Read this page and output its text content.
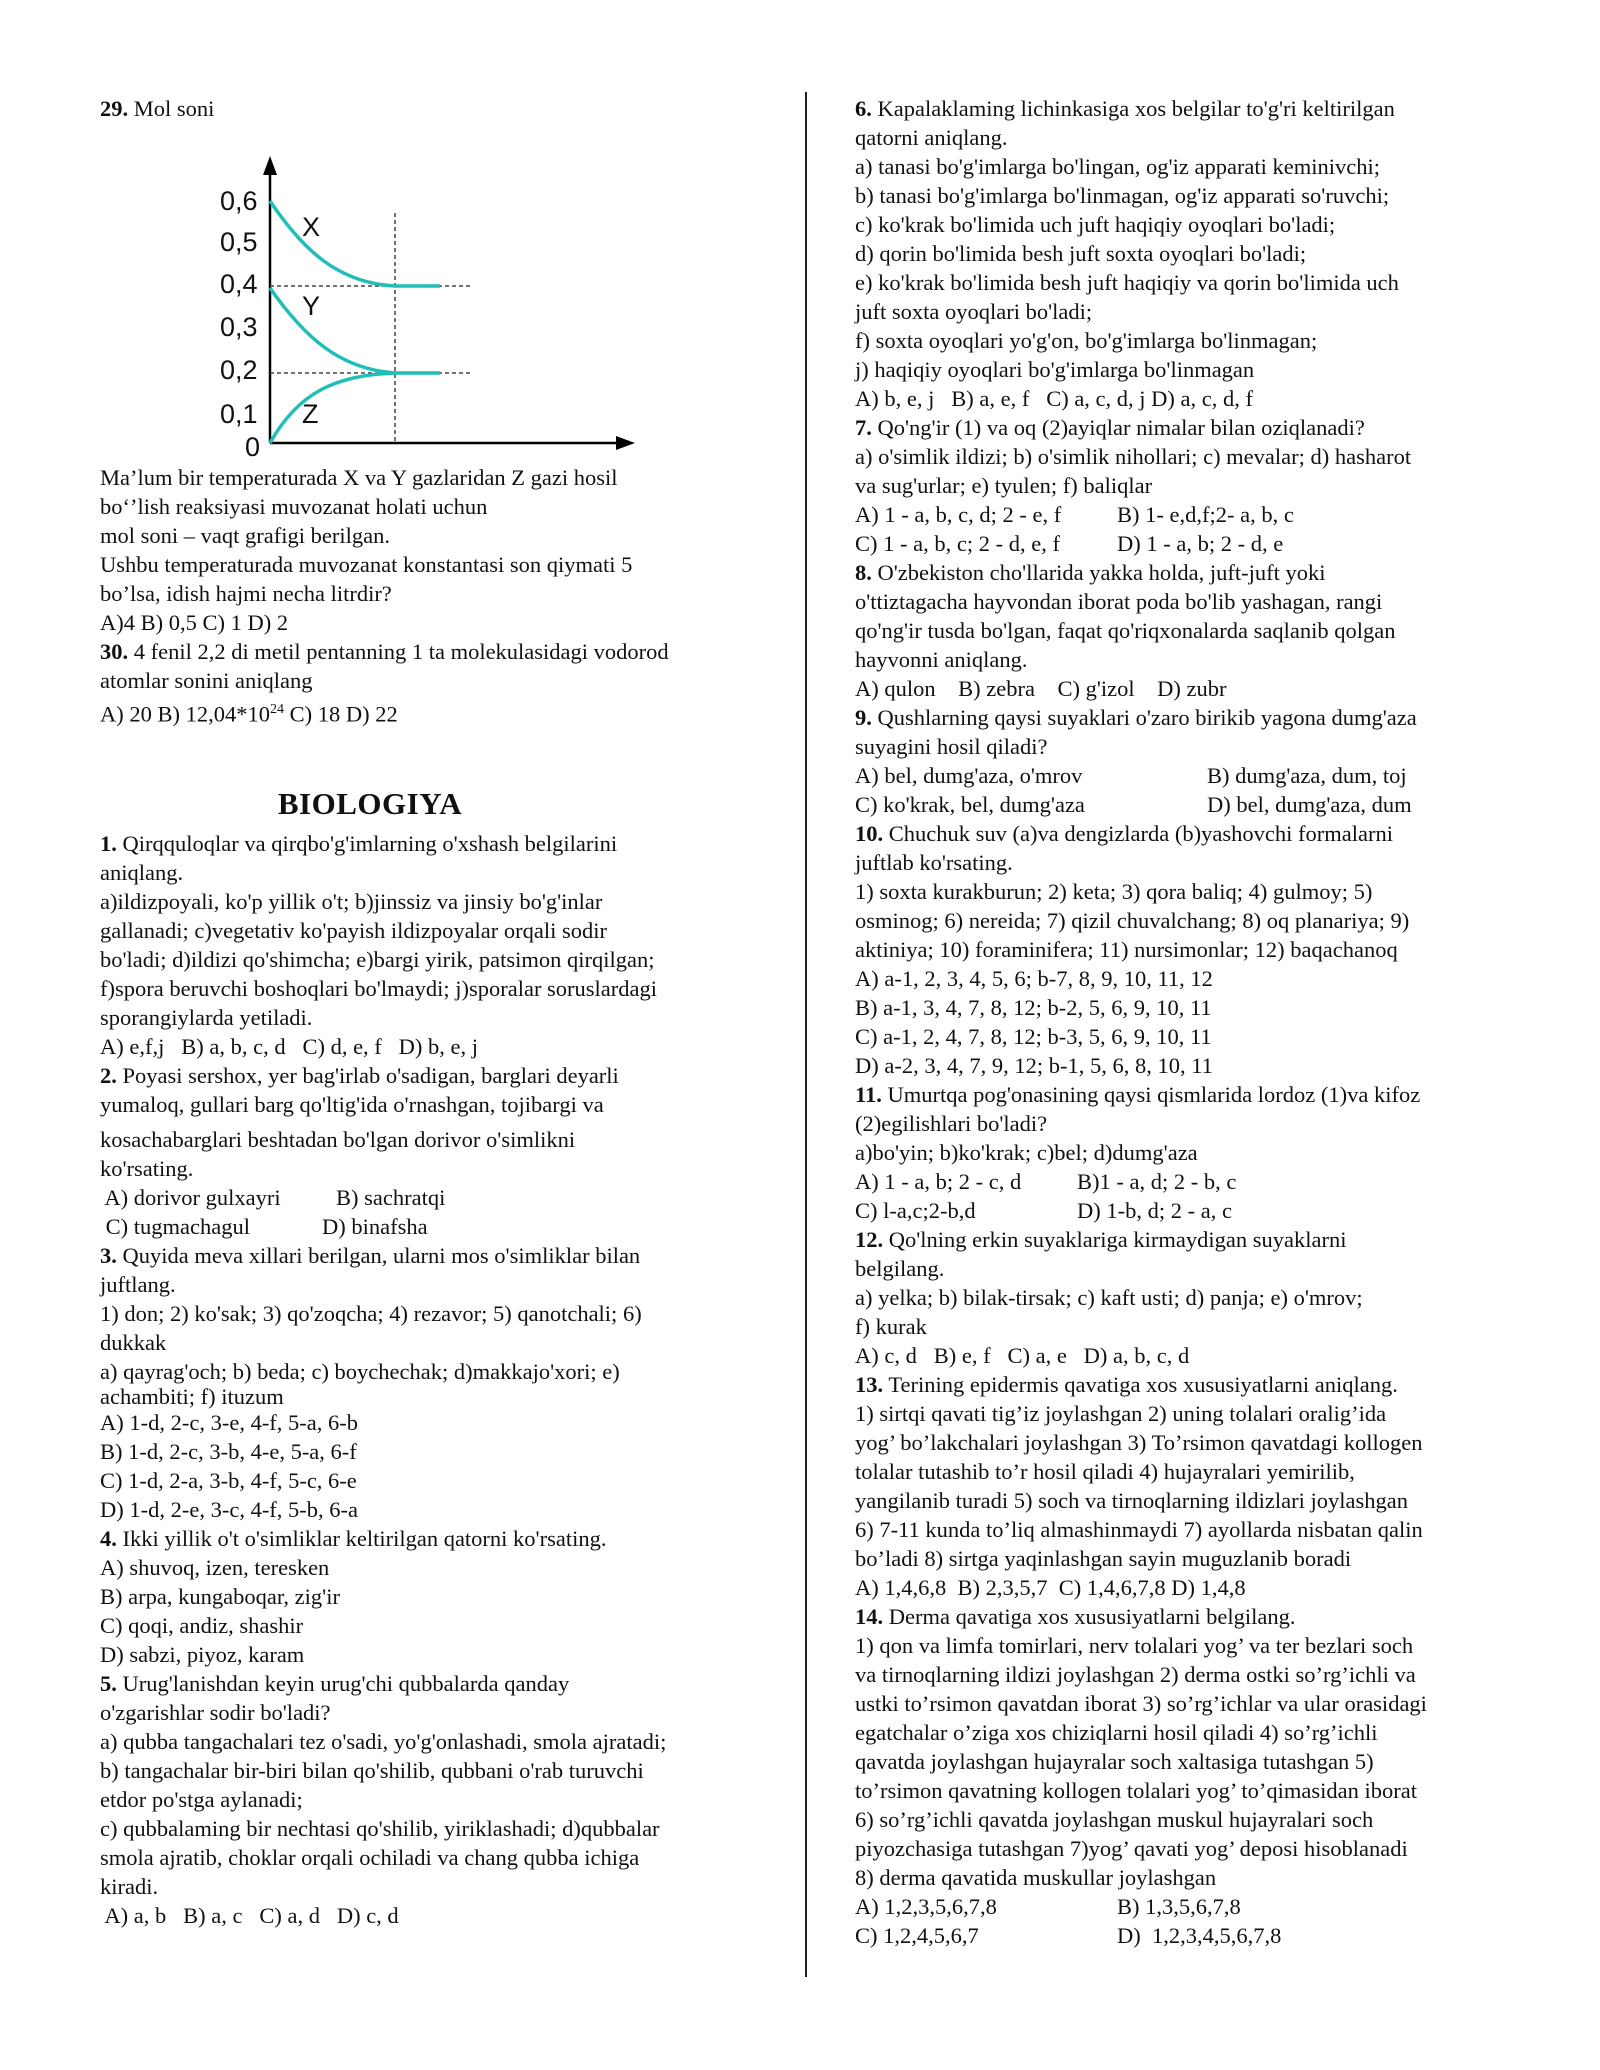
29. Mol soni
0,6
0,5
0,4
0,3
0,2
0,1
0
X
Y
Z
Ma’lum bir temperaturada X va Y gazlaridan Z gazi hosil
bo‘’lish reaksiyasi muvozanat holati uchun
mol soni – vaqt grafigi berilgan.
Ushbu temperaturada muvozanat konstantasi son qiymati 5
bo’lsa, idish hajmi necha litrdir?
A)4 B) 0,5 C) 1 D) 2
30. 4 fenil 2,2 di metil pentanning 1 ta molekulasidagi vodorod
atomlar sonini aniqlang
A) 20 B) $12,04*10^{24}$ C) 18 D) 22
BIOLOGIYA
1. Qirqquloqlar va qirqbo'g'imlarning o'xshash belgilarini
aniqlang.
a)ildizpoyali, ko'p yillik o't; b)jinssiz va jinsiy bo'g'inlar
gallanadi; c)vegetativ ko'payish ildizpoyalar orqali sodir
bo'ladi; d)ildizi qo'shimcha; e)bargi yirik, patsimon qirqilgan;
f)spora beruvchi boshoqlari bo'lmaydi; j)sporalar soruslardagi
sporangiylarda yetiladi.
A) e,f,j   B) a, b, c, d   C) d, e, f   D) b, e, j
2. Poyasi sershox, yer bag'irlab o'sadigan, barglari deyarli
yumaloq, gullari barg qo'ltig'ida o'rnashgan, tojibargi va
kosachabarglari beshtadan bo'lgan dorivor o'simlikni
ko'rsating.
A) dorivor gulxayri	B) sachratqi
C) tugmachagul	D) binafsha
3. Quyida meva xillari berilgan, ularni mos o'simliklar bilan
juftlang.
1) don; 2) ko'sak; 3) qo'zoqcha; 4) rezavor; 5) qanotchali; 6)
dukkak
a) qayrag'och; b) beda; c) boychechak; d)makkajo'xori; e)
achambiti; f) ituzum
A) 1-d, 2-c, 3-e, 4-f, 5-a, 6-b
B) 1-d, 2-c, 3-b, 4-e, 5-a, 6-f
C) 1-d, 2-a, 3-b, 4-f, 5-c, 6-e
D) 1-d, 2-e, 3-c, 4-f, 5-b, 6-a
4. Ikki yillik o't o'simliklar keltirilgan qatorni ko'rsating.
A) shuvoq, izen, teresken
B) arpa, kungaboqar, zig'ir
C) qoqi, andiz, shashir
D) sabzi, piyoz, karam
5. Urug'lanishdan keyin urug'chi qubbalarda qanday
o'zgarishlar sodir bo'ladi?
a) qubba tangachalari tez o'sadi, yo'g'onlashadi, smola ajratadi;
b) tangachalar bir-biri bilan qo'shilib, qubbani o'rab turuvchi
etdor po'stga aylanadi;
c) qubbalaming bir nechtasi qo'shilib, yiriklashadi; d)qubbalar
smola ajratib, choklar orqali ochiladi va chang qubba ichiga
kiradi.
A) a, b   B) a, c   C) a, d   D) c, d
6. Kapalaklaming lichinkasiga xos belgilar to'g'ri keltirilgan
qatorni aniqlang.
a) tanasi bo'g'imlarga bo'lingan, og'iz apparati keminivchi;
b) tanasi bo'g'imlarga bo'linmagan, og'iz apparati so'ruvchi;
c) ko'krak bo'limida uch juft haqiqiy oyoqlari bo'ladi;
d) qorin bo'limida besh juft soxta oyoqlari bo'ladi;
e) ko'krak bo'limida besh juft haqiqiy va qorin bo'limida uch
juft soxta oyoqlari bo'ladi;
f) soxta oyoqlari yo'g'on, bo'g'imlarga bo'linmagan;
j) haqiqiy oyoqlari bo'g'imlarga bo'linmagan
A) b, e, j   B) a, e, f   C) a, c, d, j D) a, c, d, f
7. Qo'ng'ir (1) va oq (2)ayiqlar nimalar bilan oziqlanadi?
a) o'simlik ildizi; b) o'simlik nihollari; c) mevalar; d) hasharot
va sug'urlar; e) tyulen; f) baliqlar
A) 1 - a, b, c, d; 2 - e, f	B) 1- e,d,f;2- a, b, c
C) 1 - a, b, c; 2 - d, e, f	D) 1 - a, b; 2 - d, e
8. O'zbekiston cho'llarida yakka holda, juft-juft yoki
o'ttiztagacha hayvondan iborat poda bo'lib yashagan, rangi
qo'ng'ir tusda bo'lgan, faqat qo'riqxonalarda saqlanib qolgan
hayvonni aniqlang.
A) qulon    B) zebra    C) g'izol    D) zubr
9. Qushlarning qaysi suyaklari o'zaro birikib yagona dumg'aza
suyagini hosil qiladi?
A) bel, dumg'aza, o'mrov	B) dumg'aza, dum, toj
C) ko'krak, bel, dumg'aza	D) bel, dumg'aza, dum
10. Chuchuk suv (a)va dengizlarda (b)yashovchi formalarni
juftlab ko'rsating.
1) soxta kurakburun; 2) keta; 3) qora baliq; 4) gulmoy; 5)
osminog; 6) nereida; 7) qizil chuvalchang; 8) oq planariya; 9)
aktiniya; 10) foraminifera; 11) nursimonlar; 12) baqachanoq
A) a-1, 2, 3, 4, 5, 6; b-7, 8, 9, 10, 11, 12
B) a-1, 3, 4, 7, 8, 12; b-2, 5, 6, 9, 10, 11
C) a-1, 2, 4, 7, 8, 12; b-3, 5, 6, 9, 10, 11
D) a-2, 3, 4, 7, 9, 12; b-1, 5, 6, 8, 10, 11
11. Umurtqa pog'onasining qaysi qismlarida lordoz (1)va kifoz
(2)egilishlari bo'ladi?
a)bo'yin; b)ko'krak; c)bel; d)dumg'aza
A) 1 - a, b; 2 - c, d	B)1 - a, d; 2 - b, c
C) l-a,c;2-b,d	D) 1-b, d; 2 - a, c
12. Qo'lning erkin suyaklariga kirmaydigan suyaklarni
belgilang.
a) yelka; b) bilak-tirsak; c) kaft usti; d) panja; e) o'mrov;
f) kurak
A) c, d   B) e, f   C) a, e   D) a, b, c, d
13. Terining epidermis qavatiga xos xususiyatlarni aniqlang.
1) sirtqi qavati tig’iz joylashgan 2) uning tolalari oralig’ida
yog’ bo’lakchalari joylashgan 3) To’rsimon qavatdagi kollogen
tolalar tutashib to’r hosil qiladi 4) hujayralari yemirilib,
yangilanib turadi 5) soch va tirnoqlarning ildizlari joylashgan
6) 7-11 kunda to’liq almashinmaydi 7) ayollarda nisbatan qalin
bo’ladi 8) sirtga yaqinlashgan sayin muguzlanib boradi
A) 1,4,6,8  B) 2,3,5,7  C) 1,4,6,7,8 D) 1,4,8
14. Derma qavatiga xos xususiyatlarni belgilang.
1) qon va limfa tomirlari, nerv tolalari yog’ va ter bezlari soch
va tirnoqlarning ildizi joylashgan 2) derma ostki so’rg’ichli va
ustki to’rsimon qavatdan iborat 3) so’rg’ichlar va ular orasidagi
egatchalar o’ziga xos chiziqlarni hosil qiladi 4) so’rg’ichli
qavatda joylashgan hujayralar soch xaltasiga tutashgan 5)
to’rsimon qavatning kollogen tolalari yog’ to’qimasidan iborat
6) so’rg’ichli qavatda joylashgan muskul hujayralari soch
piyozchasiga tutashgan 7)yog’ qavati yog’ deposi hisoblanadi
8) derma qavatida muskullar joylashgan
A) 1,2,3,5,6,7,8	B) 1,3,5,6,7,8
C) 1,2,4,5,6,7	D)  1,2,3,4,5,6,7,8
